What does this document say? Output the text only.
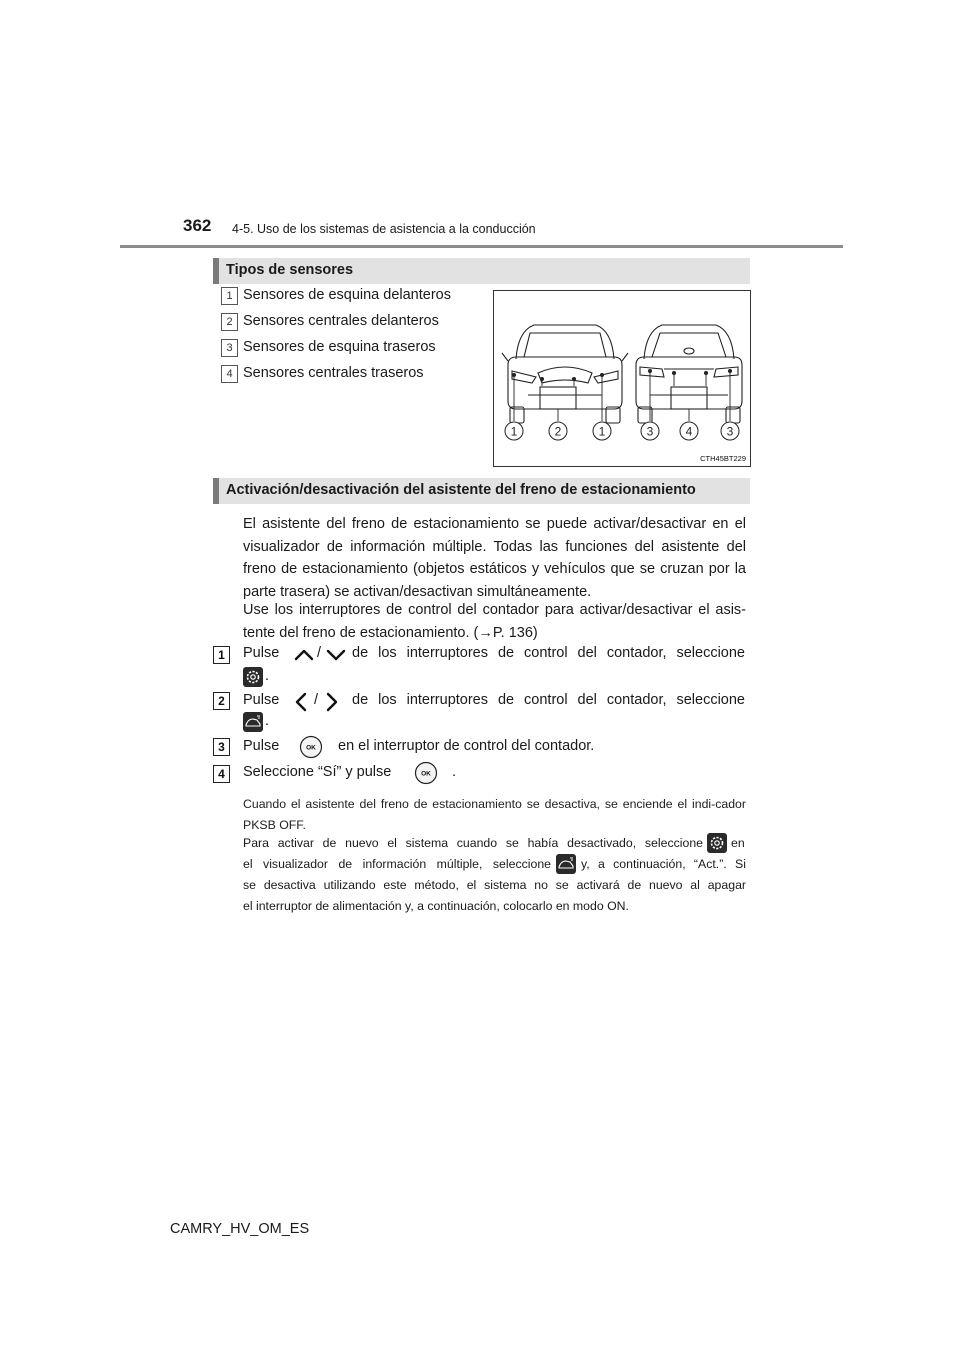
362 4-5. Uso de los sistemas de asistencia a la conducción
Tipos de sensores
1 Sensores de esquina delanteros
2 Sensores centrales delanteros
3 Sensores de esquina traseros
4 Sensores centrales traseros
1	2	1	3	4	3
CTH45BT229
Activación/desactivación del asistente del freno de estacionamiento
El asistente del freno de estacionamiento se puede activar/desactivar en el visualizador de información múltiple. Todas las funciones del asistente del freno de estacionamiento (objetos estáticos y vehículos que se cruzan por la parte trasera) se activan/desactivan simultáneamente.
Use los interruptores de control del contador para activar/desactivar el asis-tente del freno de estacionamiento. (→P. 136)
1	Pulse	/ de los interruptores de control del contador, seleccione
.
2	Pulse / de los interruptores de control del contador, seleccione
.
3	Pulse	OK en el interruptor de control del contador.
4	Seleccione “Sí” y pulse	OK .
Cuando el asistente del freno de estacionamiento se desactiva, se enciende el indi-cador PKSB OFF.
Para activar de nuevo el sistema cuando se había desactivado, seleccione en
el visualizador de información múltiple, seleccione y, a continuación, “Act.”. Si
se desactiva utilizando este método, el sistema no se activará de nuevo al apagar
el interruptor de alimentación y, a continuación, colocarlo en modo ON.
CAMRY_HV_OM_ES
